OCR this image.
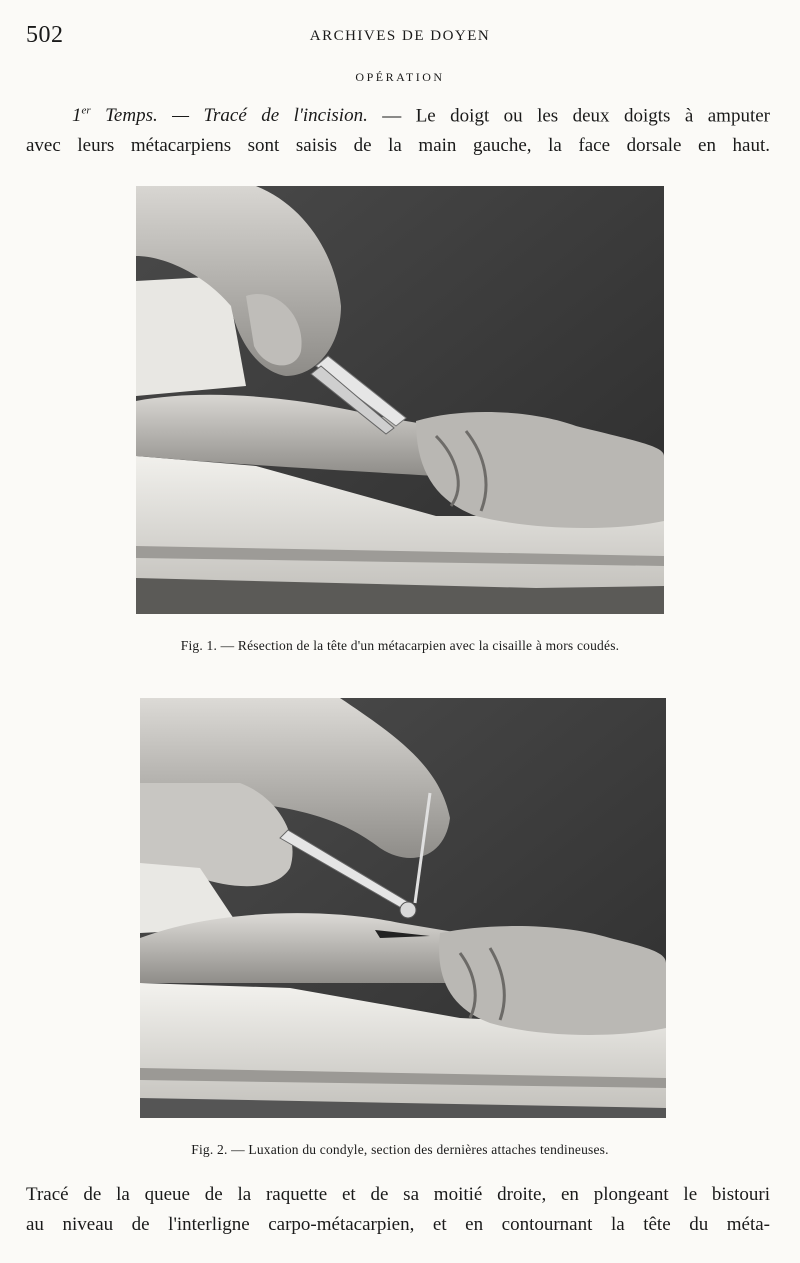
502	ARCHIVES DE DOYEN
OPÉRATION
1er Temps. — Tracé de l'incision. — Le doigt ou les deux doigts à amputer
avec leurs métacarpiens sont saisis de la main gauche, la face dorsale en haut.
Fig. 1. — Résection de la tête d'un métacarpien avec la cisaille à mors coudés.
Fig. 2. — Luxation du condyle, section des dernières attaches tendineuses.
Tracé de la queue de la raquette et de sa moitié droite, en plongeant le bistouri
au niveau de l'interligne carpo-métacarpien, et en contournant la tête du méta-
